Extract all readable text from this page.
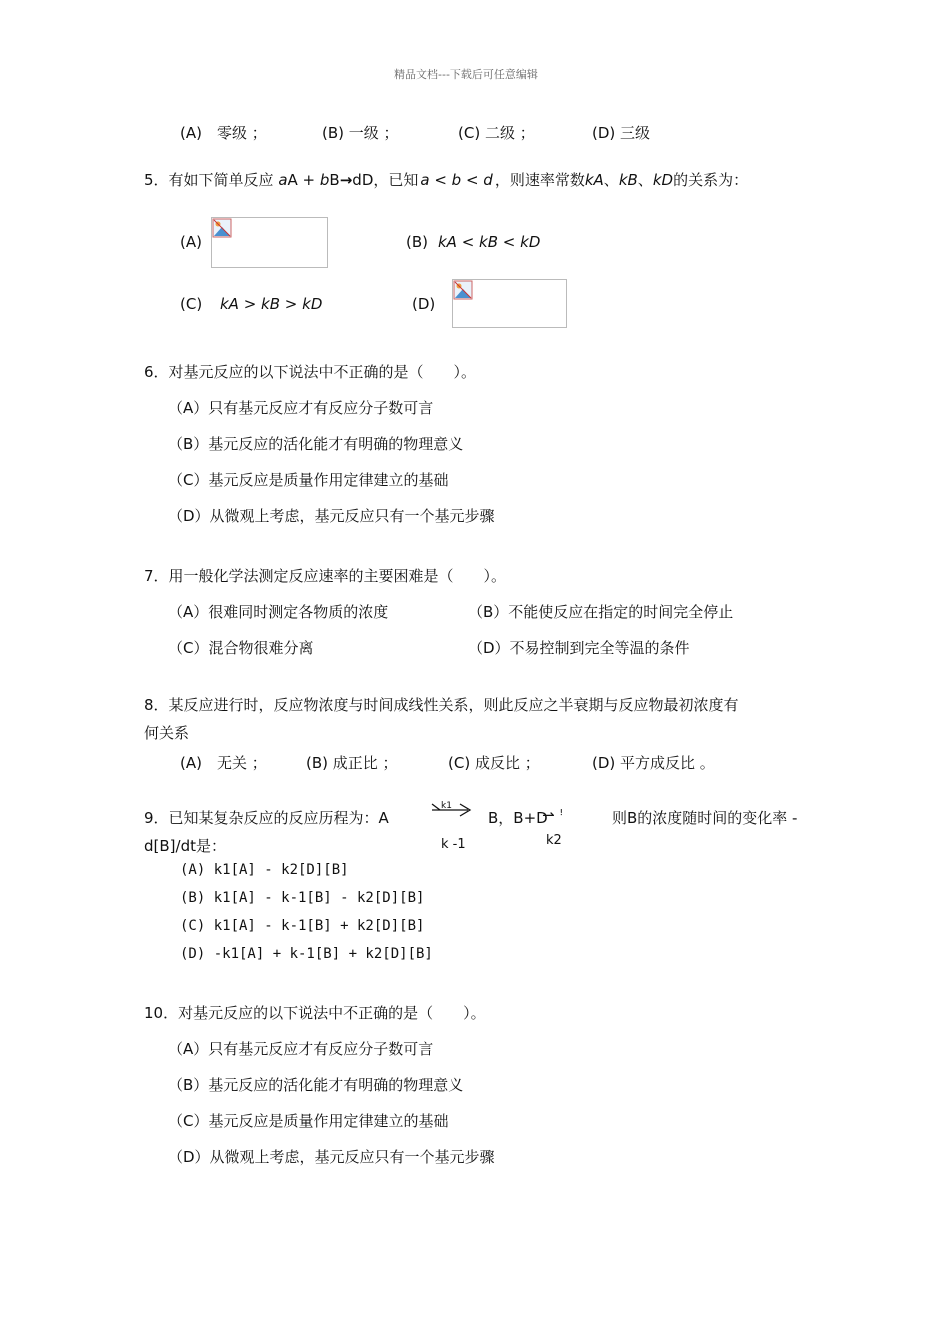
精品文档---下载后可任意编辑
(A)　零级 ；	(B) 一级 ；	(C) 二级 ；	(D) 三级
5．有如下简单反应 aA + bB→dD，已知 a < b < d ，则速率常数kA、kB、kD的关系为：
(A)	(B) kA < kB < kD
(C) kA > kB > kD	(D)
6．对基元反应的以下说法中不正确的是（　　）。
（A）只有基元反应才有反应分子数可言
（B）基元反应的活化能才有明确的物理意义
（C）基元反应是质量作用定律建立的基础
（D）从微观上考虑，基元反应只有一个基元步骤
7．用一般化学法测定反应速率的主要困难是（　　）。
（A）很难同时测定各物质的浓度	（B）不能使反应在指定的时间完全停止
（C）混合物很难分离	（D）不易控制到完全等温的条件
8．某反应进行时，反应物浓度与时间成线性关系，则此反应之半衰期与反应物最初浓度有
何关系
(A)　无关 ；	(B) 成正比 ；	(C) 成反比 ；	(D) 平方成反比 。
9．已知某复杂反应的反应历程为：A
k1
B，B+D
⇀ ꜝ	则B的浓度随时间的变化率 -
d[B]/dt是：	k -1	k2
(A) k1[A] - k2[D][B]
(B) k1[A] - k-1[B] - k2[D][B]
(C) k1[A] - k-1[B] + k2[D][B]
(D) -k1[A] + k-1[B] + k2[D][B]
10．对基元反应的以下说法中不正确的是（　　）。
（A）只有基元反应才有反应分子数可言
（B）基元反应的活化能才有明确的物理意义
（C）基元反应是质量作用定律建立的基础
（D）从微观上考虑，基元反应只有一个基元步骤
